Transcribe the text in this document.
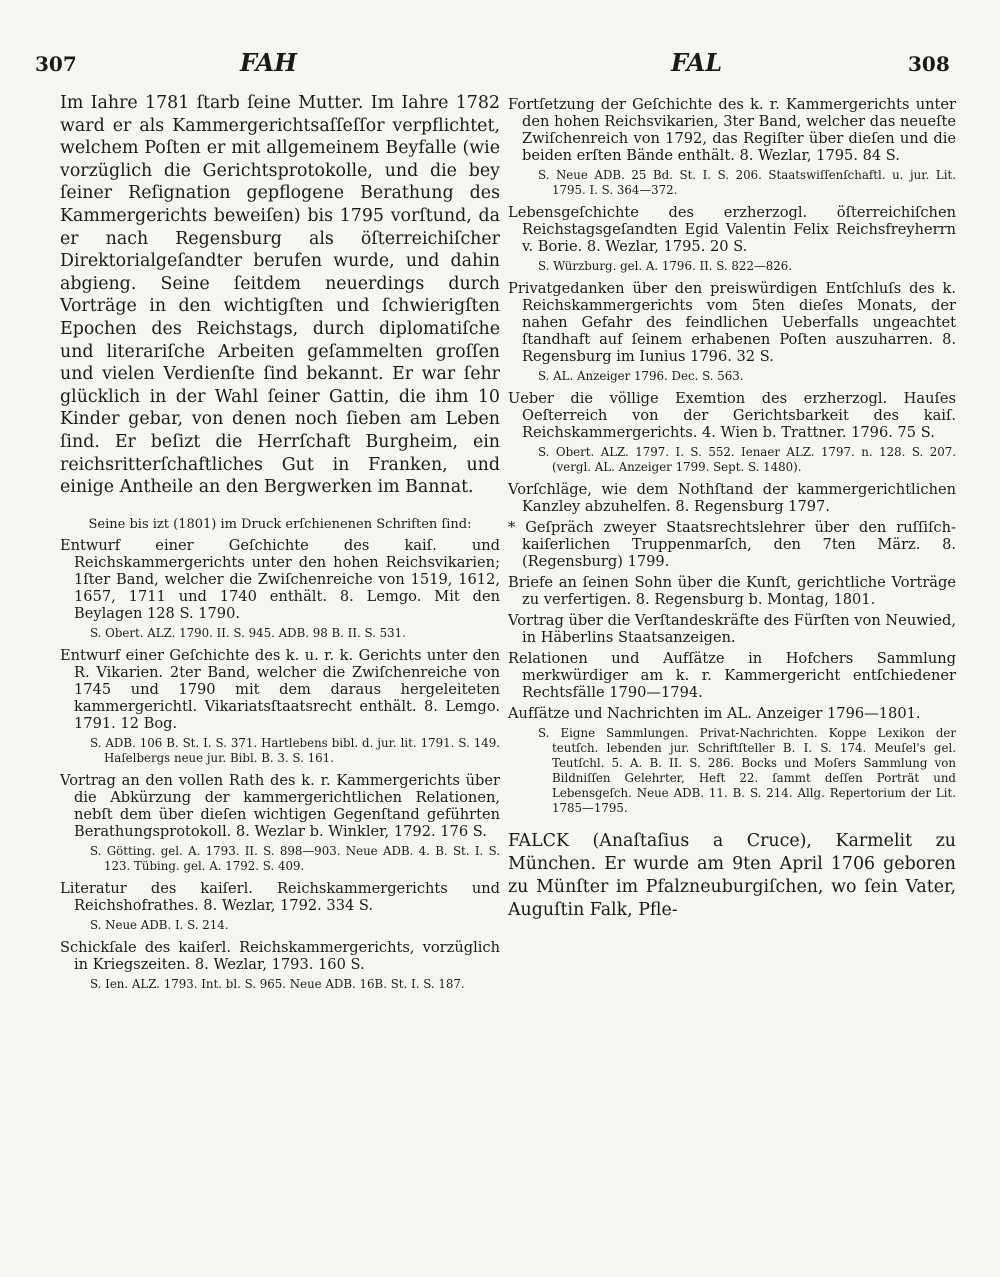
307	FAH	FAL	308

Im Iahre 1781 ſtarb ſeine Mutter. Im Iahre 1782 ward er als Kammergerichtsaſſeſſor verpflichtet, welchem Poſten er mit allgemeinem Beyfalle (wie vorzüglich die Gerichtsprotokolle, und die bey ſeiner Reſignation gepflogene Berathung des Kammergerichts beweiſen) bis 1795 vorſtund, da er nach Regensburg als öſterreichiſcher Direktorialgeſandter berufen wurde, und dahin abgieng. Seine ſeitdem neuerdings durch Vorträge in den wichtigſten und ſchwierigſten Epochen des Reichstags, durch diplomatiſche und literariſche Arbeiten geſammelten groſſen und vielen Verdienſte ſind bekannt. Er war ſehr glücklich in der Wahl ſeiner Gattin, die ihm 10 Kinder gebar, von denen noch ſieben am Leben ſind. Er beſizt die Herrſchaft Burgheim, ein reichsritterſchaftliches Gut in Franken, und einige Antheile an den Bergwerken im Bannat.

Seine bis izt (1801) im Druck erſchienenen Schriften ſind:

Entwurf einer Geſchichte des kaiſ. und Reichskammergerichts unter den hohen Reichsvikarien; 1ſter Band, welcher die Zwiſchenreiche von 1519, 1612, 1657, 1711 und 1740 enthält. 8. Lemgo. Mit den Beylagen 128 S. 1790.

S. Obert. ALZ. 1790. II. S. 945. ADB. 98 B. II. S. 531.

Entwurf einer Geſchichte des k. u. r. k. Gerichts unter den R. Vikarien. 2ter Band, welcher die Zwiſchenreiche von 1745 und 1790 mit dem daraus hergeleiteten kammergerichtl. Vikariatsſtaatsrecht enthält. 8. Lemgo. 1791. 12 Bog.

S. ADB. 106 B. St. I. S. 371. Hartlebens bibl. d. jur. lit. 1791. S. 149. Haſelbergs neue jur. Bibl. B. 3. S. 161.

Vortrag an den vollen Rath des k. r. Kammergerichts über die Abkürzung der kammergerichtlichen Relationen, nebſt dem über dieſen wichtigen Gegenſtand geführten Berathungsprotokoll. 8. Wezlar b. Winkler, 1792. 176 S.

S. Götting. gel. A. 1793. II. S. 898—903. Neue ADB. 4. B. St. I. S. 123. Tübing. gel. A. 1792. S. 409.

Literatur des kaiſerl. Reichskammergerichts und Reichshofrathes. 8. Wezlar, 1792. 334 S.

S. Neue ADB. I. S. 214.

Schickſale des kaiſerl. Reichskammergerichts, vorzüglich in Kriegszeiten. 8. Wezlar, 1793. 160 S.

S. Ien. ALZ. 1793. Int. bl. S. 965. Neue ADB. 16B. St. I. S. 187.

Fortſetzung der Geſchichte des k. r. Kammergerichts unter den hohen Reichsvikarien, 3ter Band, welcher das neueſte Zwiſchenreich von 1792, das Regiſter über dieſen und die beiden erſten Bände enthält. 8. Wezlar, 1795. 84 S.

S. Neue ADB. 25 Bd. St. I. S. 206. Staatswiſſenſchaftl. u. jur. Lit. 1795. I. S. 364—372.

Lebensgeſchichte des erzherzogl. öſterreichiſchen Reichstagsgeſandten Egid Valentin Felix Reichsfreyherrn v. Borie. 8. Wezlar, 1795. 20 S.

S. Würzburg. gel. A. 1796. II. S. 822—826.

Privatgedanken über den preiswürdigen Entſchluſs des k. Reichskammergerichts vom 5ten dieſes Monats, der nahen Gefahr des feindlichen Ueberfalls ungeachtet ſtandhaft auf ſeinem erhabenen Poſten auszuharren. 8. Regensburg im Iunius 1796. 32 S.

S. AL. Anzeiger 1796. Dec. S. 563.

Ueber die völlige Exemtion des erzherzogl. Hauſes Oeſterreich von der Gerichtsbarkeit des kaiſ. Reichskammergerichts. 4. Wien b. Trattner. 1796. 75 S.

S. Obert. ALZ. 1797. I. S. 552. Ienaer ALZ. 1797. n. 128. S. 207. (vergl. AL. Anzeiger 1799. Sept. S. 1480).

Vorſchläge, wie dem Nothſtand der kammergerichtlichen Kanzley abzuhelfen. 8. Regensburg 1797.

* Geſpräch zweyer Staatsrechtslehrer über den ruſſiſch-kaiſerlichen Truppenmarſch, den 7ten März. 8. (Regensburg) 1799.

Briefe an ſeinen Sohn über die Kunſt, gerichtliche Vorträge zu verfertigen. 8. Regensburg b. Montag, 1801.

Vortrag über die Verſtandeskräfte des Fürſten von Neuwied, in Häberlins Staatsanzeigen.

Relationen und Aufſätze in Hofchers Sammlung merkwürdiger am k. r. Kammergericht entſchiedener Rechtsfälle 1790—1794.

Aufſätze und Nachrichten im AL. Anzeiger 1796—1801.

S. Eigne Sammlungen. Privat-Nachrichten. Koppe Lexikon der teutſch. lebenden jur. Schriftſteller B. I. S. 174. Meuſel's gel. Teutſchl. 5. A. B. II. S. 286. Bocks und Moſers Sammlung von Bildniſſen Gelehrter, Heft 22. ſammt deſſen Porträt und Lebensgeſch. Neue ADB. 11. B. S. 214. Allg. Repertorium der Lit. 1785—1795.

FALCK (Anaſtaſius a Cruce), Karmelit zu München. Er wurde am 9ten April 1706 geboren zu Münſter im Pfalzneuburgiſchen, wo ſein Vater, Auguſtin Falk, Pfle-
